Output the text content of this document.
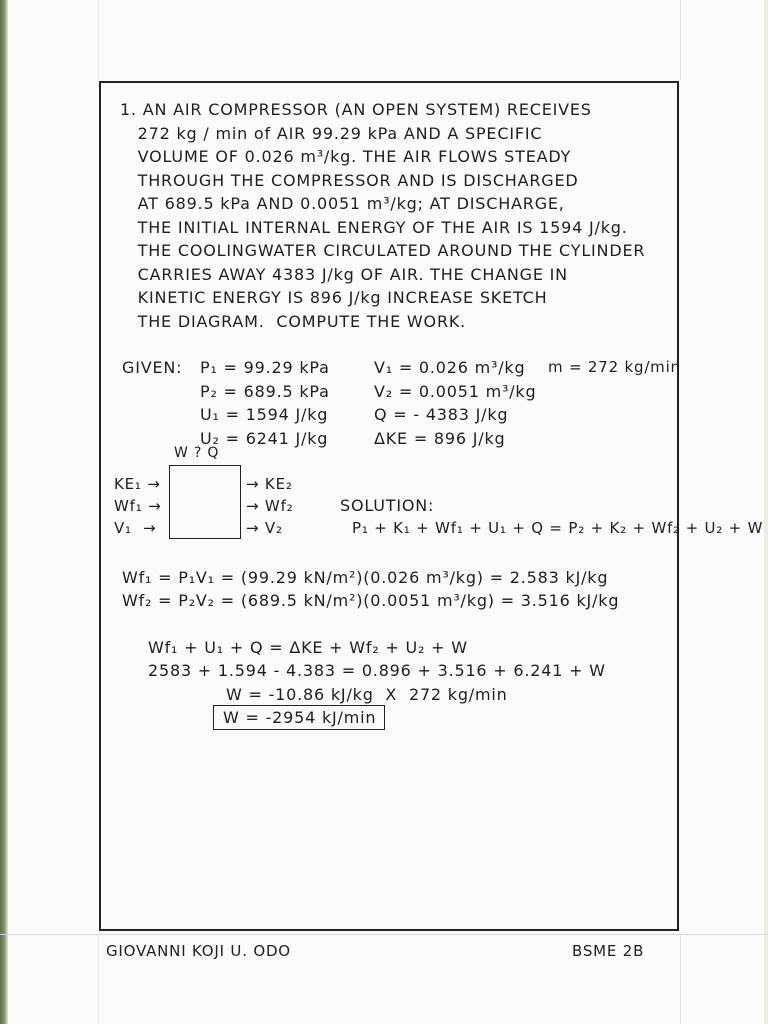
1. AN AIR COMPRESSOR (AN OPEN SYSTEM) RECEIVES
272 kg / min of AIR 99.29 kPa AND A SPECIFIC
VOLUME OF 0.026 m³/kg. THE AIR FLOWS STEADY
THROUGH THE COMPRESSOR AND IS DISCHARGED
AT 689.5 kPa AND 0.0051 m³/kg; AT DISCHARGE,
THE INITIAL INTERNAL ENERGY OF THE AIR IS 1594 J/kg.
THE COOLINGWATER CIRCULATED AROUND THE CYLINDER
CARRIES AWAY 4383 J/kg OF AIR. THE CHANGE IN
KINETIC ENERGY IS 896 J/kg INCREASE SKETCH
THE DIAGRAM.  COMPUTE THE WORK.
GIVEN: P₁ = 99.29 kPa
P₂ = 689.5 kPa
U₁ = 1594 J/kg
U₂ = 6241 J/kg
V₁ = 0.026 m³/kg
V₂ = 0.0051 m³/kg
Q = - 4383 J/kg
ΔKE = 896 J/kg
m = 272 kg/min
W ? Q
KE₁ →
Wf₁ →
V₁  →
→ KE₂
→ Wf₂
→ V₂
SOLUTION:
P₁ + K₁ + Wf₁ + U₁ + Q = P₂ + K₂ + Wf₂ + U₂ + W
Wf₁ = P₁V₁ = (99.29 kN/m²)(0.026 m³/kg) = 2.583 kJ/kg
Wf₂ = P₂V₂ = (689.5 kN/m²)(0.0051 m³/kg) = 3.516 kJ/kg
Wf₁ + U₁ + Q = ΔKE + Wf₂ + U₂ + W
2583 + 1.594 - 4.383 = 0.896 + 3.516 + 6.241 + W
W = -10.86 kJ/kg  X  272 kg/min
W = -2954 kJ/min
GIOVANNI KOJI U. ODO	BSME 2B
